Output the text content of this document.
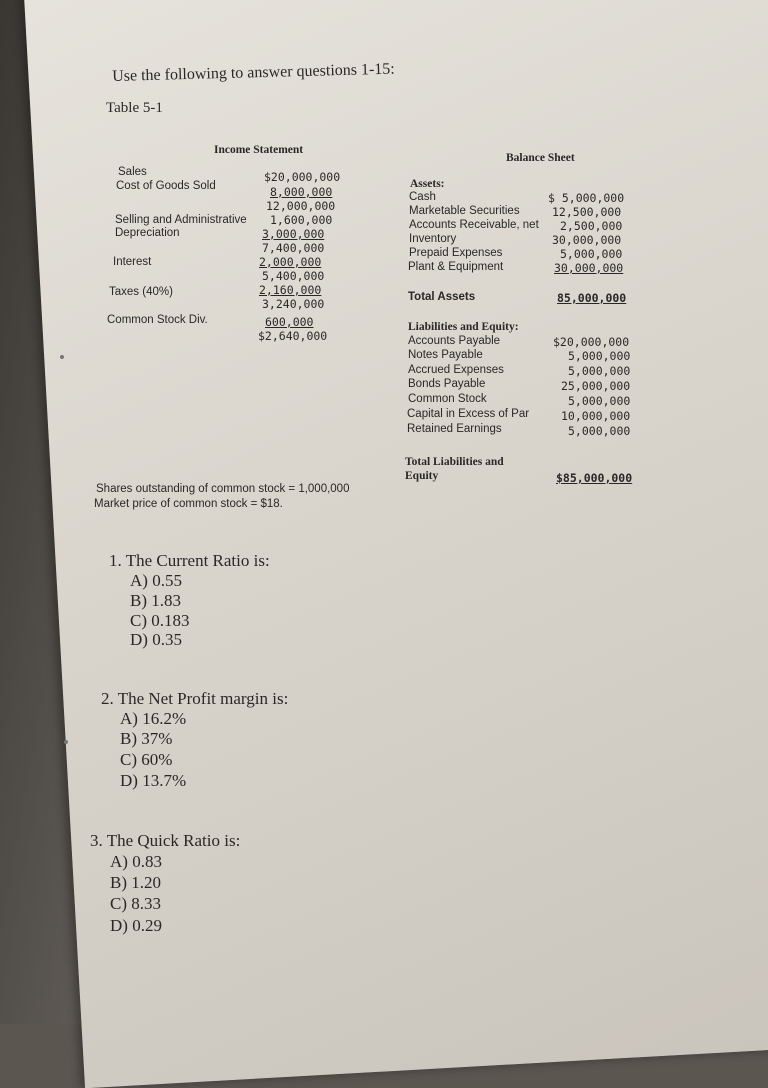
Use the following to answer questions 1-15:
Table 5-1
Income Statement
Sales
Cost of Goods Sold
Selling and Administrative
Depreciation
Interest
Taxes (40%)
Common Stock Div.
$20,000,000
8,000,000
12,000,000
1,600,000
3,000,000
7,400,000
2,000,000
5,400,000
2,160,000
3,240,000
600,000
$2,640,000
Balance Sheet
Assets:
Cash
Marketable Securities
Accounts Receivable, net
Inventory
Prepaid Expenses
Plant & Equipment
$ 5,000,000
12,500,000
2,500,000
30,000,000
5,000,000
30,000,000
Total Assets	85,000,000
Liabilities and Equity:
Accounts Payable
Notes Payable
Accrued Expenses
Bonds Payable
Common Stock
Capital in Excess of Par
Retained Earnings
$20,000,000
5,000,000
5,000,000
25,000,000
5,000,000
10,000,000
5,000,000
Total Liabilities and
Equity	$85,000,000
Shares outstanding of common stock = 1,000,000
Market price of common stock = $18.
1. The Current Ratio is:
A) 0.55
B) 1.83
C) 0.183
D) 0.35
2. The Net Profit margin is:
A) 16.2%
B) 37%
C) 60%
D) 13.7%
3. The Quick Ratio is:
A) 0.83
B) 1.20
C) 8.33
D) 0.29
